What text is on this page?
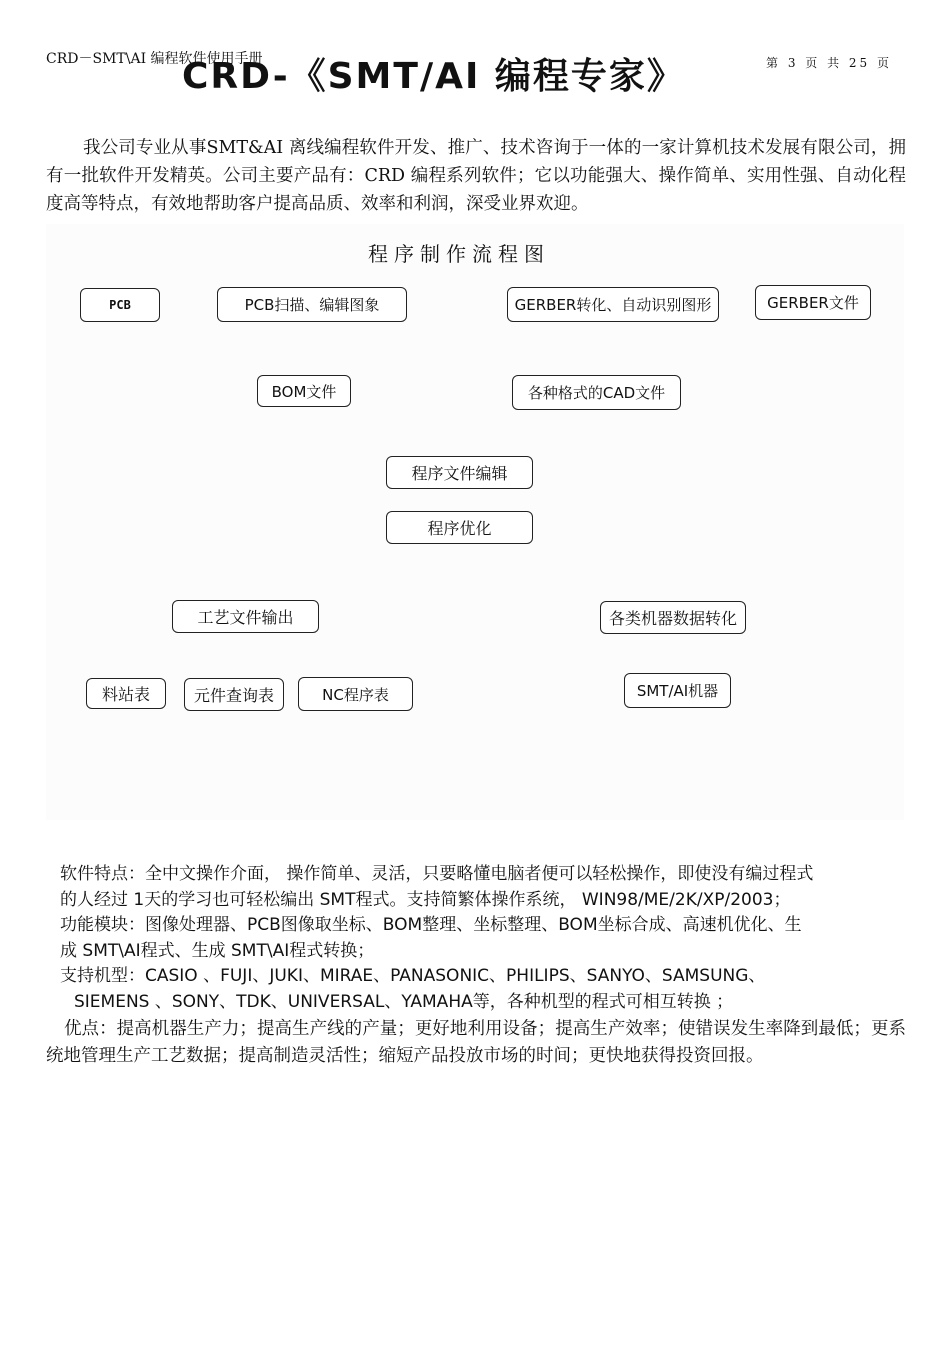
CRD－SMT\AI 编程软件使用手册
CRD-《SMT/AI 编程专家》	第 3 页 共 25 页
我公司专业从事SMT&AI 离线编程软件开发、推广、技术咨询于一体的一家计算机技术发展有限公司，拥有一批软件开发精英。公司主要产品有：CRD 编程系列软件；它以功能强大、操作简单、实用性强、自动化程度高等特点，有效地帮助客户提高品质、效率和利润，深受业界欢迎。
程序制作流程图
PCB	PCB扫描、编辑图象	GERBER转化、自动识别图形	GERBER文件
BOM文件	各种格式的CAD文件
程序文件编辑
程序优化
工艺文件输出	各类机器数据转化
料站表	元件查询表	NC程序表	SMT/AI机器

软件特点：全中文操作介面， 操作简单、灵活，只要略懂电脑者便可以轻松操作，即使没有编过程式

的人经过 1天的学习也可轻松编出 SMT程式。支持简繁体操作系统， WIN98/ME/2K/XP/2003；

功能模块：图像处理器、PCB图像取坐标、BOM整理、坐标整理、BOM坐标合成、高速机优化、生

成 SMT\AI程式、生成 SMT\AI程式转换；

支持机型：CASIO 、FUJI、JUKI、MIRAE、PANASONIC、PHILIPS、SANYO、SAMSUNG、

SIEMENS 、SONY、TDK、UNIVERSAL、YAMAHA等，各种机型的程式可相互转换 ；

优点：提高机器生产力；提高生产线的产量；更好地利用设备；提高生产效率；使错误发生率降到最低；更系统地管理生产工艺数据；提高制造灵活性；缩短产品投放市场的时间；更快地获得投资回报。
